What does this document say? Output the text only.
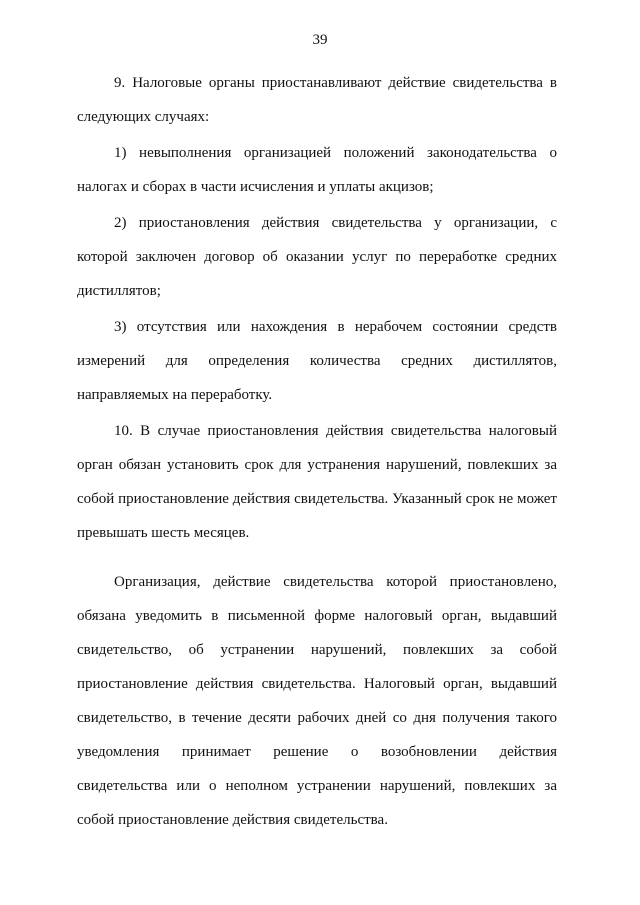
39

9. Налоговые органы приостанавливают действие свидетельства в следующих случаях:

1) невыполнения организацией положений законодательства о налогах и сборах в части исчисления и уплаты акцизов;

2) приостановления действия свидетельства у организации, с которой заключен договор об оказании услуг по переработке средних дистиллятов;

3) отсутствия или нахождения в нерабочем состоянии средств измерений для определения количества средних дистиллятов, направляемых на переработку.

10. В случае приостановления действия свидетельства налоговый орган обязан установить срок для устранения нарушений, повлекших за собой приостановление действия свидетельства. Указанный срок не может превышать шесть месяцев.

Организация, действие свидетельства которой приостановлено, обязана уведомить в письменной форме налоговый орган, выдавший свидетельство, об устранении нарушений, повлекших за собой приостановление действия свидетельства. Налоговый орган, выдавший свидетельство, в течение десяти рабочих дней со дня получения такого уведомления принимает решение о возобновлении действия свидетельства или о неполном устранении нарушений, повлекших за собой приостановление действия свидетельства.
